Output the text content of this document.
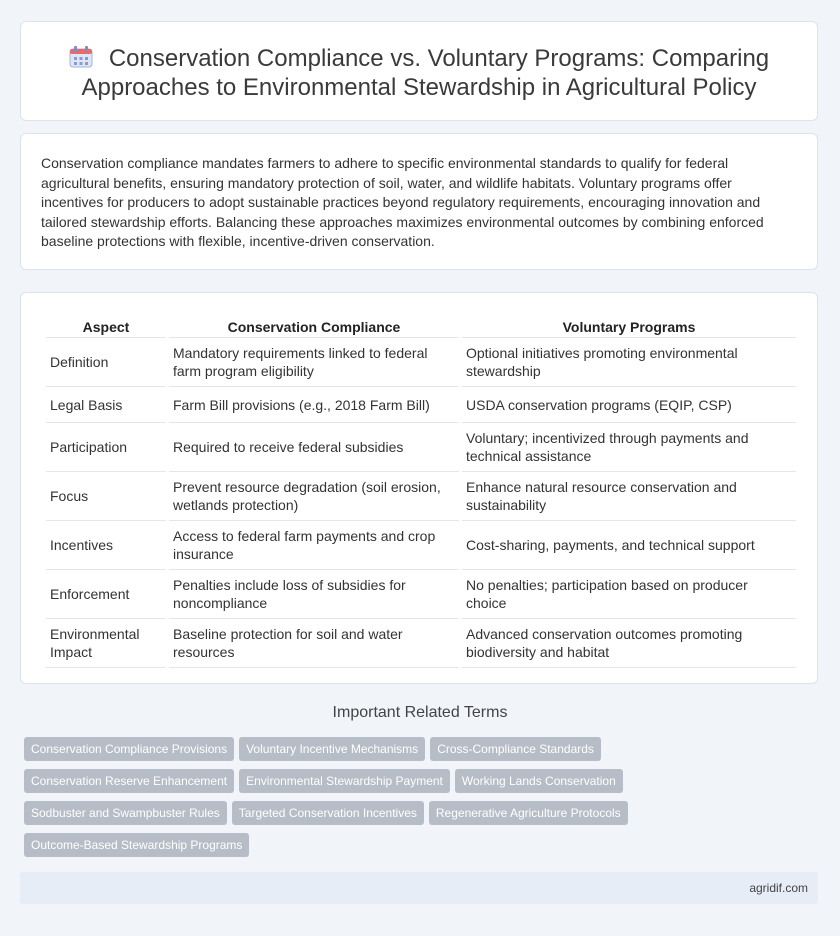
Conservation Compliance vs. Voluntary Programs: Comparing
Approaches to Environmental Stewardship in Agricultural Policy

Conservation compliance mandates farmers to adhere to specific environmental standards to qualify for federal agricultural benefits, ensuring mandatory protection of soil, water, and wildlife habitats. Voluntary programs offer incentives for producers to adopt sustainable practices beyond regulatory requirements, encouraging innovation and tailored stewardship efforts. Balancing these approaches maximizes environmental outcomes by combining enforced baseline protections with flexible, incentive-driven conservation.

Aspect	Conservation Compliance	Voluntary Programs
Definition	Mandatory requirements linked to federal farm program eligibility	Optional initiatives promoting environmental stewardship
Legal Basis	Farm Bill provisions (e.g., 2018 Farm Bill)	USDA conservation programs (EQIP, CSP)
Participation	Required to receive federal subsidies	Voluntary; incentivized through payments and technical assistance
Focus	Prevent resource degradation (soil erosion, wetlands protection)	Enhance natural resource conservation and sustainability
Incentives	Access to federal farm payments and crop insurance	Cost-sharing, payments, and technical support
Enforcement	Penalties include loss of subsidies for noncompliance	No penalties; participation based on producer choice
Environmental Impact	Baseline protection for soil and water resources	Advanced conservation outcomes promoting biodiversity and habitat
Important Related Terms
Conservation Compliance Provisions Voluntary Incentive Mechanisms Cross-Compliance Standards
Conservation Reserve Enhancement Environmental Stewardship Payment Working Lands Conservation
Sodbuster and Swampbuster Rules Targeted Conservation Incentives Regenerative Agriculture Protocols
Outcome-Based Stewardship Programs
agridif.com
